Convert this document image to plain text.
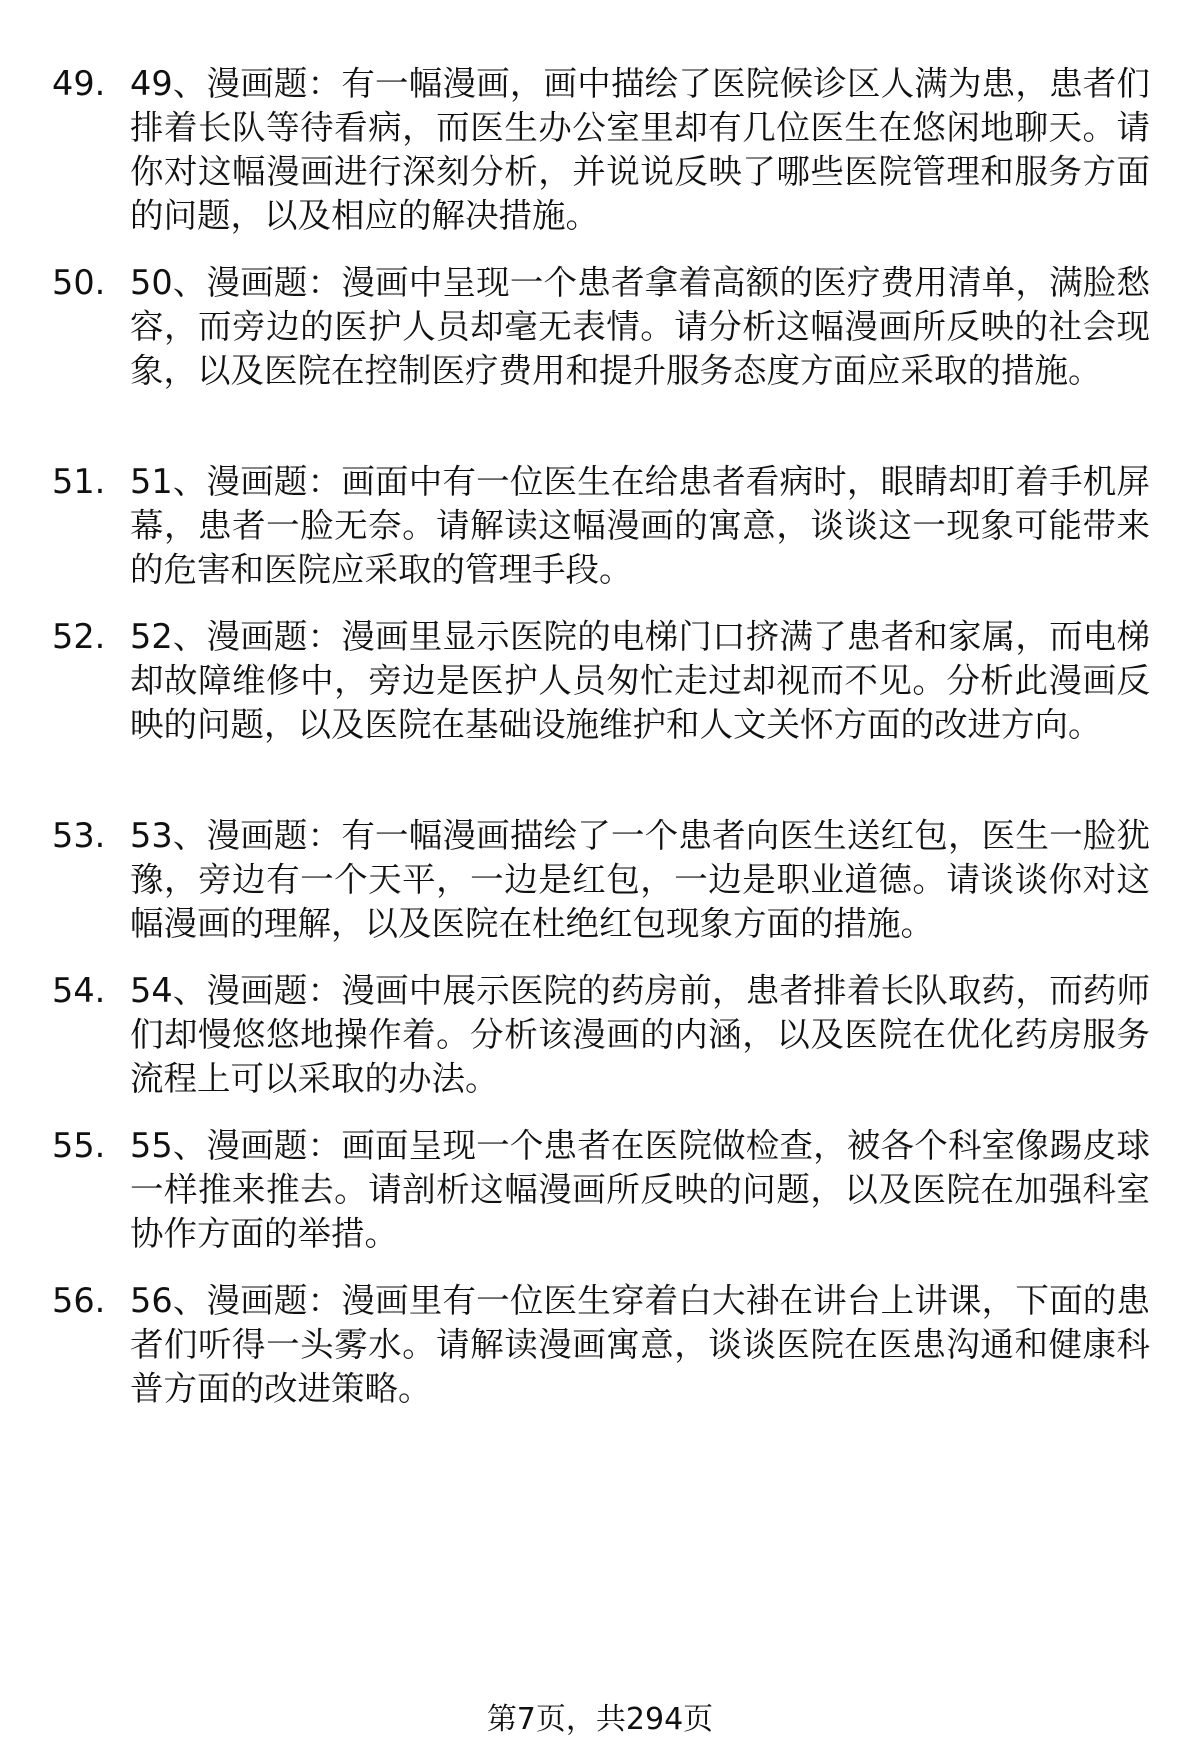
49. 49、漫画题：有一幅漫画，画中描绘了医院候诊区人满为患，患者们排着长队等待看病，而医生办公室里却有几位医生在悠闲地聊天。请你对这幅漫画进行深刻分析，并说说反映了哪些医院管理和服务方面的问题，以及相应的解决措施。
50. 50、漫画题：漫画中呈现一个患者拿着高额的医疗费用清单，满脸愁容，而旁边的医护人员却毫无表情。请分析这幅漫画所反映的社会现象，以及医院在控制医疗费用和提升服务态度方面应采取的措施。
51. 51、漫画题：画面中有一位医生在给患者看病时，眼睛却盯着手机屏幕，患者一脸无奈。请解读这幅漫画的寓意，谈谈这一现象可能带来的危害和医院应采取的管理手段。
52. 52、漫画题：漫画里显示医院的电梯门口挤满了患者和家属，而电梯却故障维修中，旁边是医护人员匆忙走过却视而不见。分析此漫画反映的问题，以及医院在基础设施维护和人文关怀方面的改进方向。
53. 53、漫画题：有一幅漫画描绘了一个患者向医生送红包，医生一脸犹豫，旁边有一个天平，一边是红包，一边是职业道德。请谈谈你对这幅漫画的理解，以及医院在杜绝红包现象方面的措施。
54. 54、漫画题：漫画中展示医院的药房前，患者排着长队取药，而药师们却慢悠悠地操作着。分析该漫画的内涵，以及医院在优化药房服务流程上可以采取的办法。
55. 55、漫画题：画面呈现一个患者在医院做检查，被各个科室像踢皮球一样推来推去。请剖析这幅漫画所反映的问题，以及医院在加强科室协作方面的举措。
56. 56、漫画题：漫画里有一位医生穿着白大褂在讲台上讲课，下面的患者们听得一头雾水。请解读漫画寓意，谈谈医院在医患沟通和健康科普方面的改进策略。
第7页，共294页
